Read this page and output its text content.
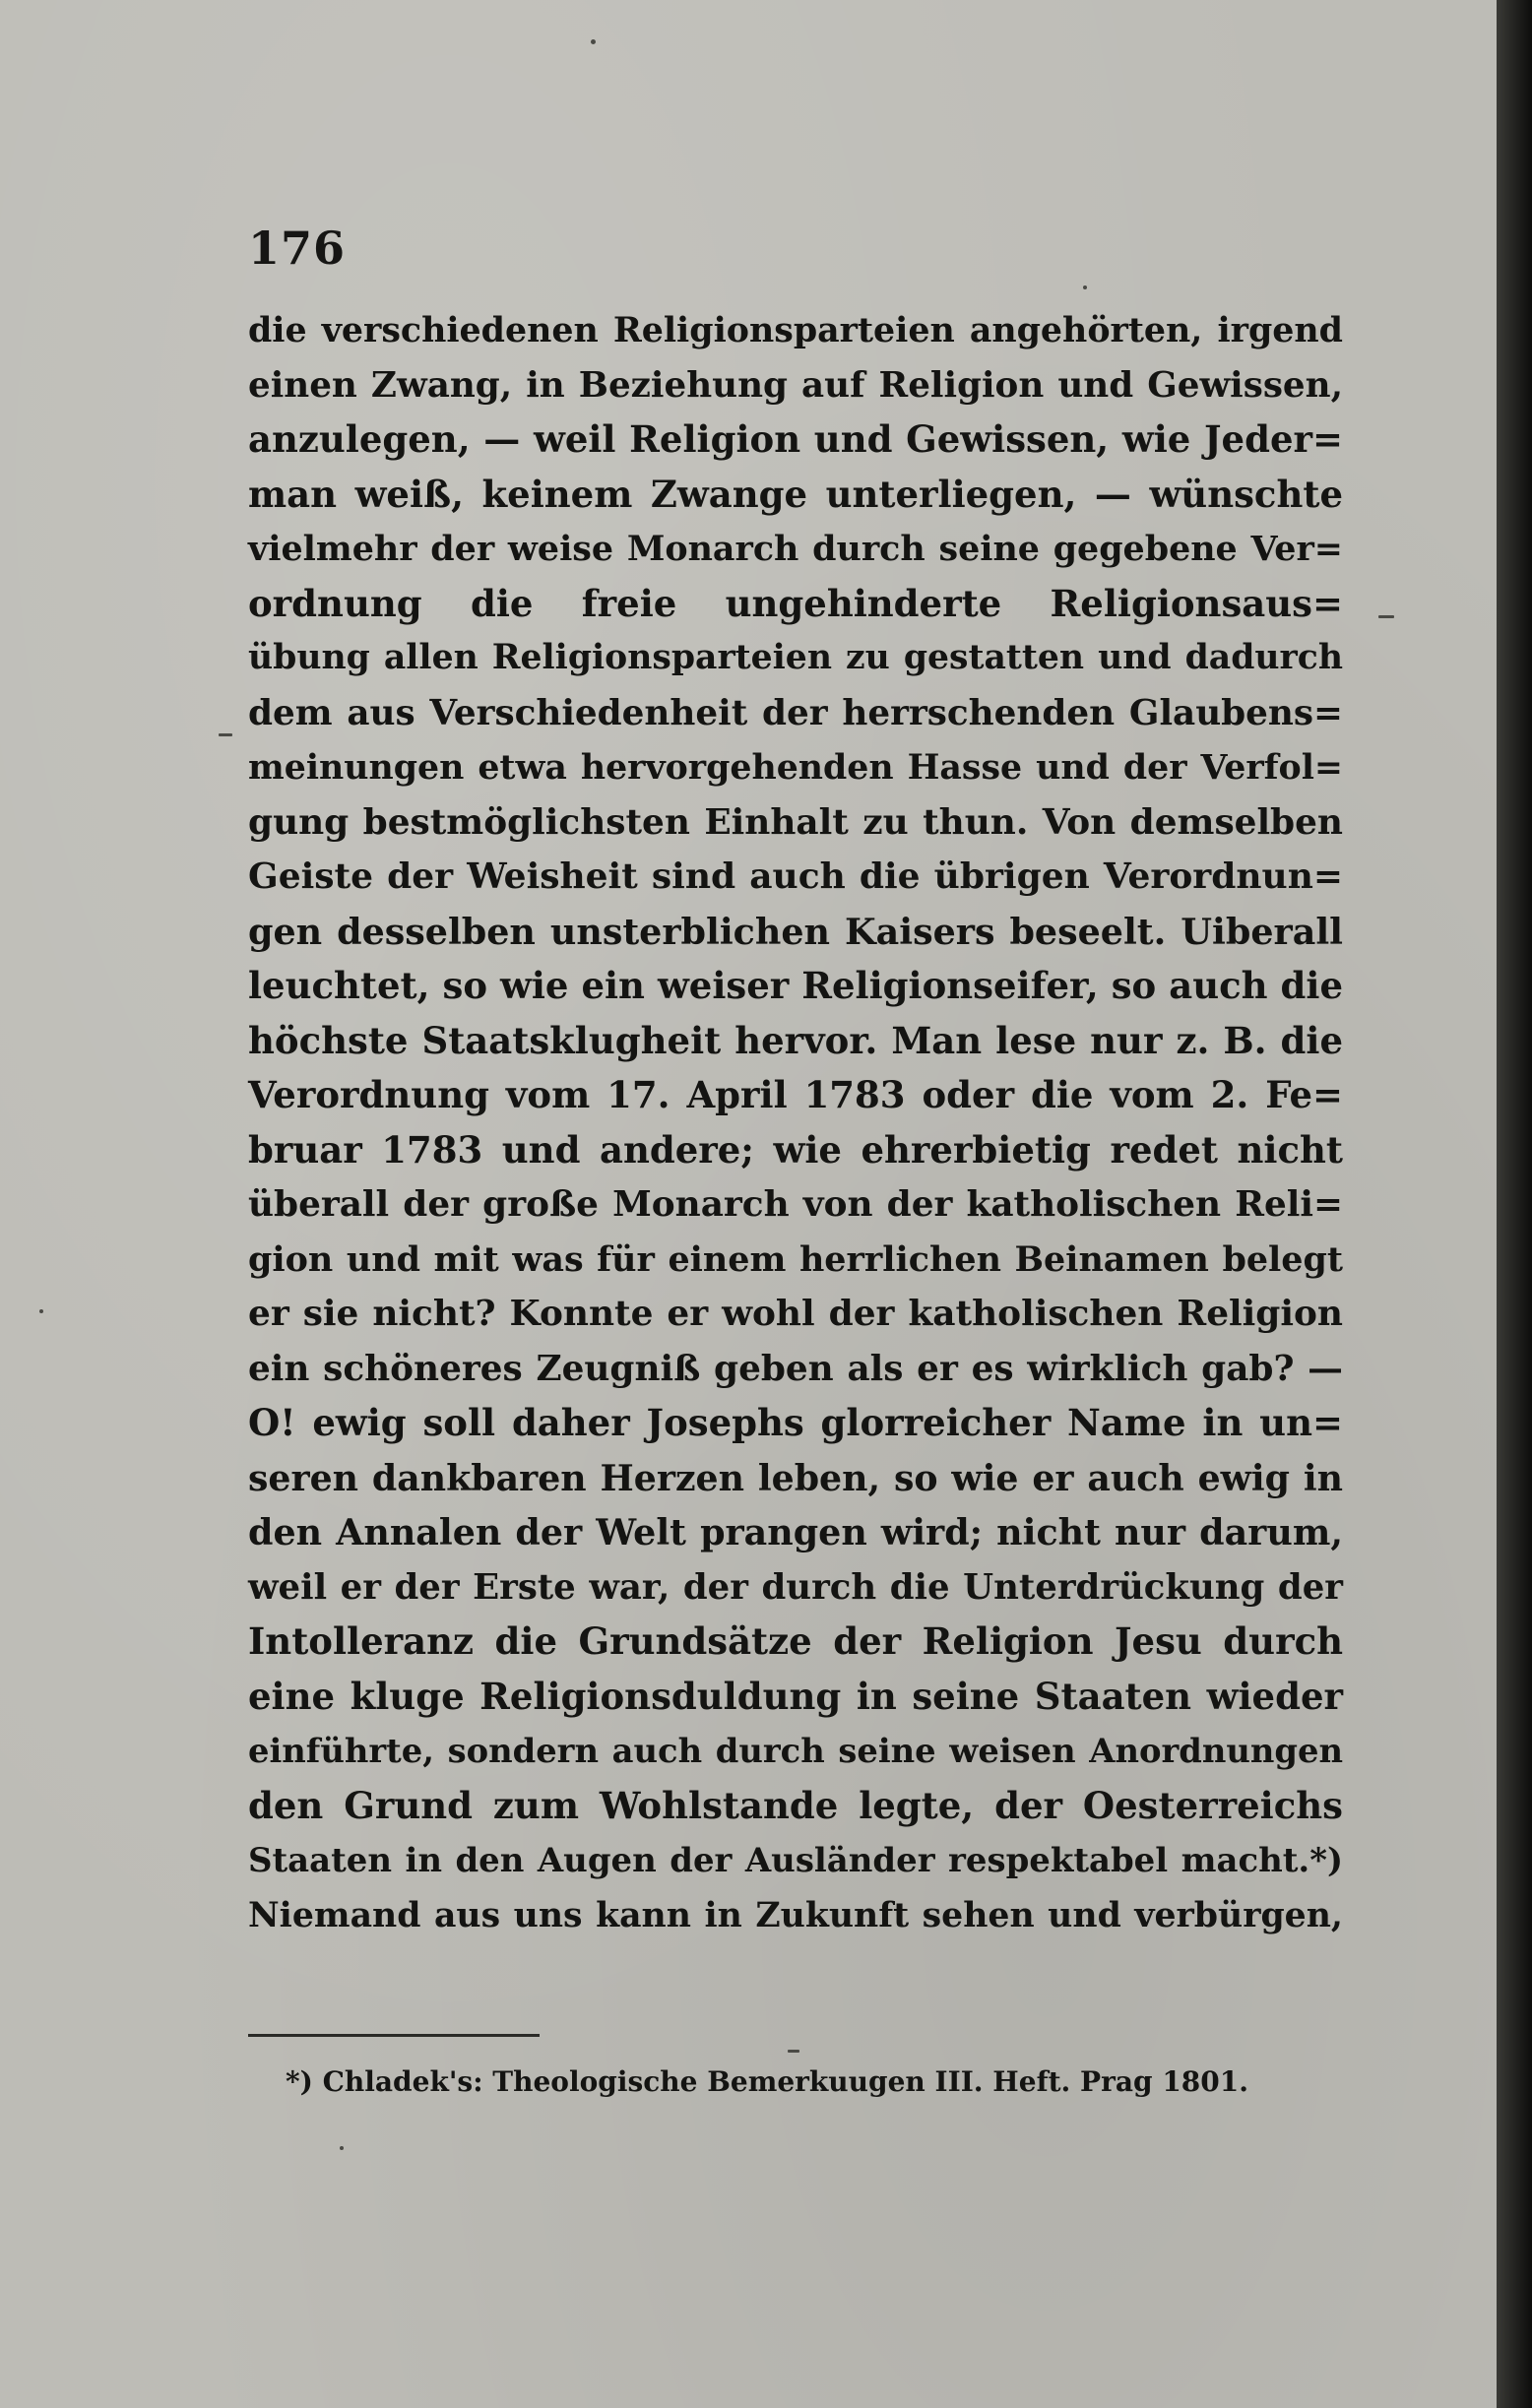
176
die verschiedenen Religionsparteien angehörten, irgend
einen Zwang, in Beziehung auf Religion und Gewissen,
anzulegen, — weil Religion und Gewissen, wie Jeder=
man weiß, keinem Zwange unterliegen, — wünschte
vielmehr der weise Monarch durch seine gegebene Ver=
ordnung die freie ungehinderte Religionsaus=
übung allen Religionsparteien zu gestatten und dadurch
dem aus Verschiedenheit der herrschenden Glaubens=
meinungen etwa hervorgehenden Hasse und der Verfol=
gung bestmöglichsten Einhalt zu thun. Von demselben
Geiste der Weisheit sind auch die übrigen Verordnun=
gen desselben unsterblichen Kaisers beseelt. Uiberall
leuchtet, so wie ein weiser Religionseifer, so auch die
höchste Staatsklugheit hervor. Man lese nur z. B. die
Verordnung vom 17. April 1783 oder die vom 2. Fe=
bruar 1783 und andere; wie ehrerbietig redet nicht
überall der große Monarch von der katholischen Reli=
gion und mit was für einem herrlichen Beinamen belegt
er sie nicht? Konnte er wohl der katholischen Religion
ein schöneres Zeugniß geben als er es wirklich gab? —
O! ewig soll daher Josephs glorreicher Name in un=
seren dankbaren Herzen leben, so wie er auch ewig in
den Annalen der Welt prangen wird; nicht nur darum,
weil er der Erste war, der durch die Unterdrückung der
Intolleranz die Grundsätze der Religion Jesu durch
eine kluge Religionsduldung in seine Staaten wieder
einführte, sondern auch durch seine weisen Anordnungen
den Grund zum Wohlstande legte, der Oesterreichs
Staaten in den Augen der Ausländer respektabel macht.*)
Niemand aus uns kann in Zukunft sehen und verbürgen,
*) Chladek's: Theologische Bemerkuugen III. Heft. Prag 1801.
